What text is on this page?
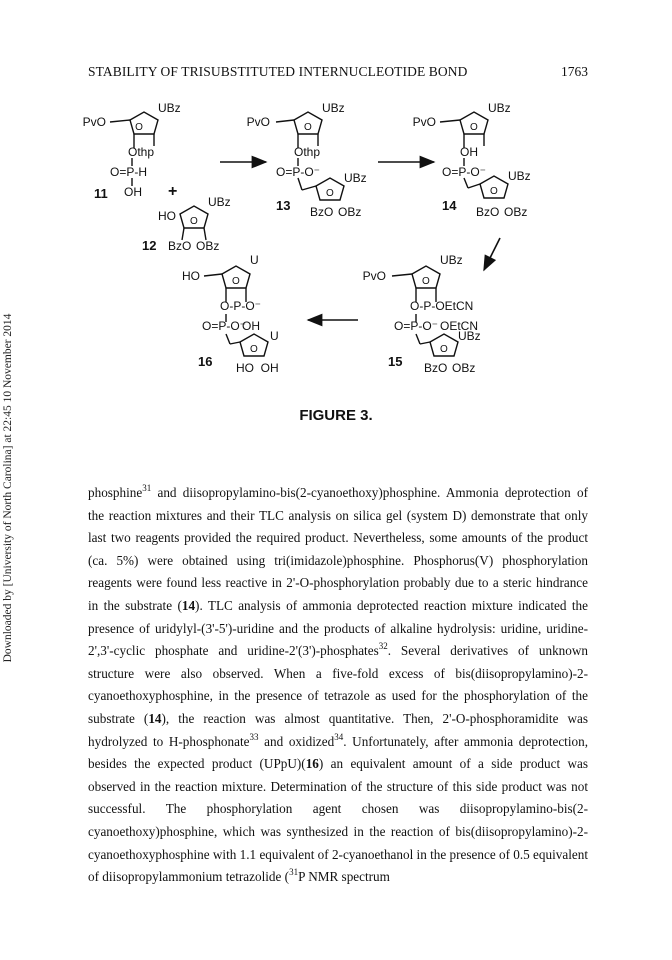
STABILITY OF TRISUBSTITUTED INTERNUCLEOTIDE BOND	1763
Downloaded by [University of North Carolina] at 22:45 10 November 2014
PvO
UBz
O
Othp
O=P-H
OH
11	+
HO
UBz
O
12 BzO OBz
PvO
UBz
O
Othp
O=P-O⁻ UBz
O
13 BzO OBz
PvO
UBz
O
OH
O=P-O⁻ UBz
O
14 BzO OBz
PvO
UBz
O
O-P-OEtCN
O=P-O⁻ OEtCN
UBz
O
15 BzO OBz
HO
U
O
O-P-O⁻
O=P-O⁻
OH
U
O
16 HO  OH
FIGURE 3.

phosphine$^{31}$ and diisopropylamino-bis(2-cyanoethoxy)phosphine. Ammonia deprotection of the reaction mixtures and their TLC analysis on silica gel (system D) demonstrate that only last two reagents provided the required product. Nevertheless, some amounts of the product (ca. 5%) were obtained using tri(imidazole)phosphine. Phosphorus(V) phosphorylation reagents were found less reactive in 2'-O-phosphorylation probably due to a steric hindrance in the substrate (14). TLC analysis of ammonia deprotected reaction mixture indicated the presence of uridylyl-(3'-5')-uridine and the products of alkaline hydrolysis: uridine, uridine-2',3'-cyclic phosphate and uridine-2'(3')-phosphates$^{32}$. Several derivatives of unknown structure were also observed. When a five-fold excess of bis(diisopropylamino)-2-cyanoethoxyphosphine, in the presence of tetrazole as used for the phosphorylation of the substrate (14), the reaction was almost quantitative. Then, 2'-O-phosphoramidite was hydrolyzed to H-phosphonate$^{33}$ and oxidized$^{34}$. Unfortunately, after ammonia deprotection, besides the expected product (UPpU)(16) an equivalent amount of a side product was observed in the reaction mixture. Determination of the structure of this side product was not successful. The phosphorylation agent chosen was diisopropylamino-bis(2-cyanoethoxy)phosphine, which was synthesized in the reaction of bis(diisopropylamino)-2-cyanoethoxyphosphine with 1.1 equivalent of 2-cyanoethanol in the presence of 0.5 equivalent of diisopropylammonium tetrazolide ($^{31}$P NMR spectrum
